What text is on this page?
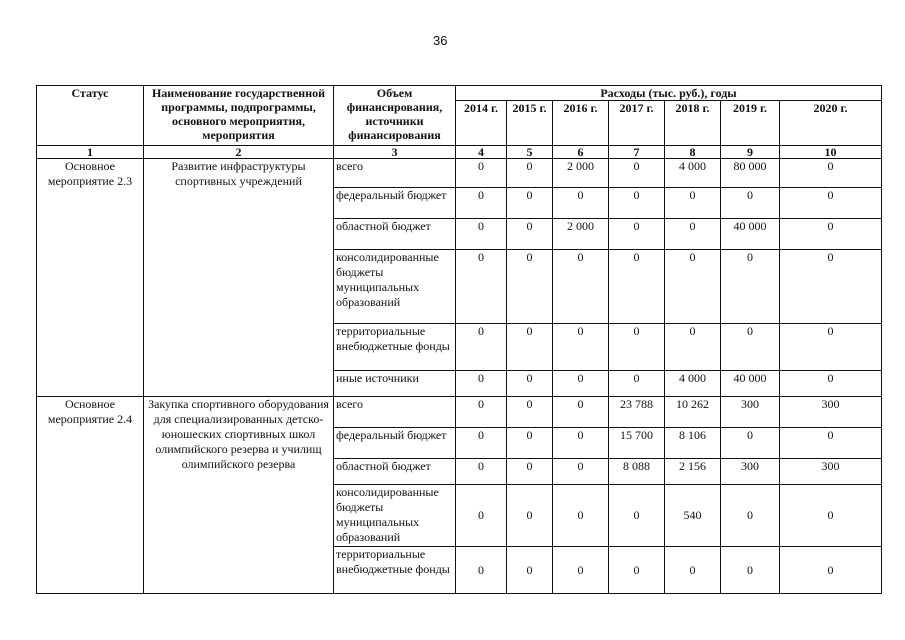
36
Статус	Наименование государственной программы, подпрограммы, основного мероприятия, мероприятия	Объем финансирования, источники финансирования	Расходы (тыс. руб.), годы						
			2014 г.	2015 г.	2016 г.	2017 г.	2018 г.	2019 г.	2020 г.
1	2	3	4	5	6	7	8	9	10
Основное мероприятие 2.3	Развитие инфраструктуры спортивных учреждений	всего	0	0	2 000	0	4 000	80 000	0
		федеральный бюджет	0	0	0	0	0	0	0
		областной бюджет	0	0	2 000	0	0	40 000	0
		консолидированные бюджеты муниципальных образований	0	0	0	0	0	0	0
		территориальные внебюджетные фонды	0	0	0	0	0	0	0
		иные источники	0	0	0	0	4 000	40 000	0
Основное мероприятие 2.4	Закупка спортивного оборудования для специализированных детско-юношеских спортивных школ олимпийского резерва и училищ олимпийского резерва	всего	0	0	0	23 788	10 262	300	300
		федеральный бюджет	0	0	0	15 700	8 106	0	0
		областной бюджет	0	0	0	8 088	2 156	300	300
		консолидированные бюджеты муниципальных образований	0	0	0	0	540	0	0
		территориальные внебюджетные фонды	0	0	0	0	0	0	0
